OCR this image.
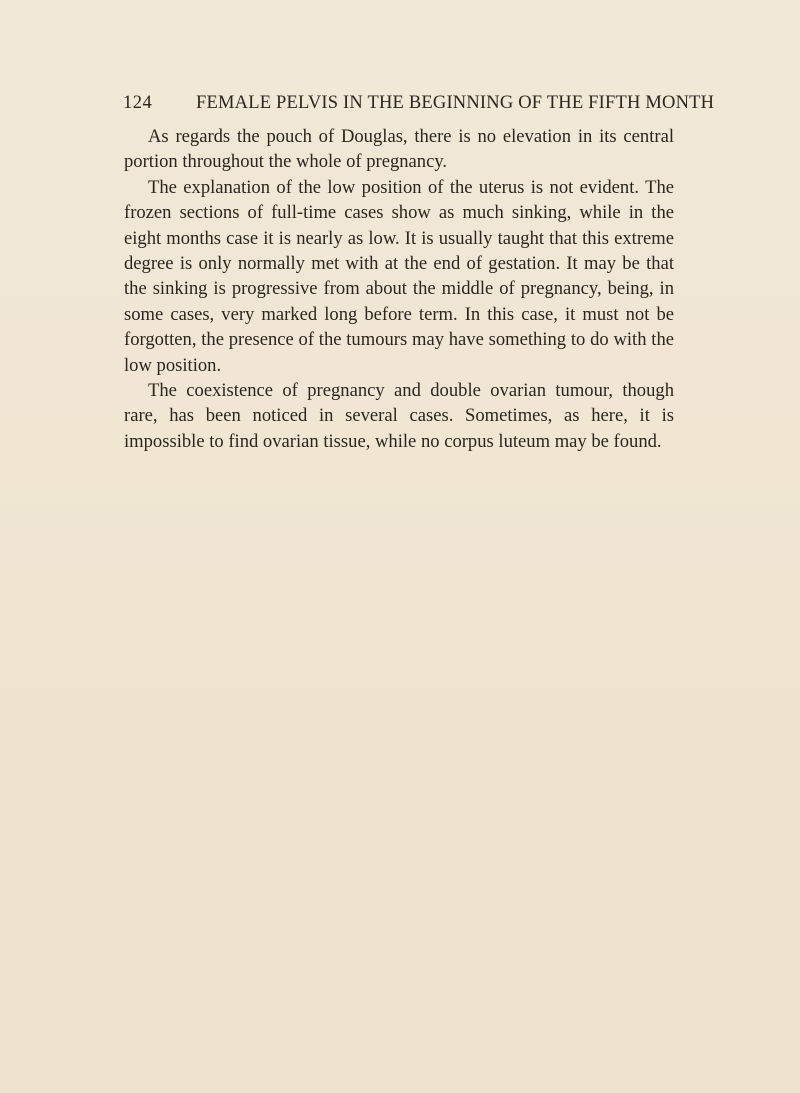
124 FEMALE PELVIS IN THE BEGINNING OF THE FIFTH MONTH

As regards the pouch of Douglas, there is no elevation in its central portion throughout the whole of pregnancy.

The explanation of the low position of the uterus is not evident. The frozen sections of full-time cases show as much sinking, while in the eight months case it is nearly as low. It is usually taught that this extreme degree is only normally met with at the end of gestation. It may be that the sinking is progressive from about the middle of pregnancy, being, in some cases, very marked long before term. In this case, it must not be forgotten, the presence of the tumours may have something to do with the low position.

The coexistence of pregnancy and double ovarian tumour, though rare, has been noticed in several cases. Sometimes, as here, it is impossible to find ovarian tissue, while no corpus luteum may be found.
